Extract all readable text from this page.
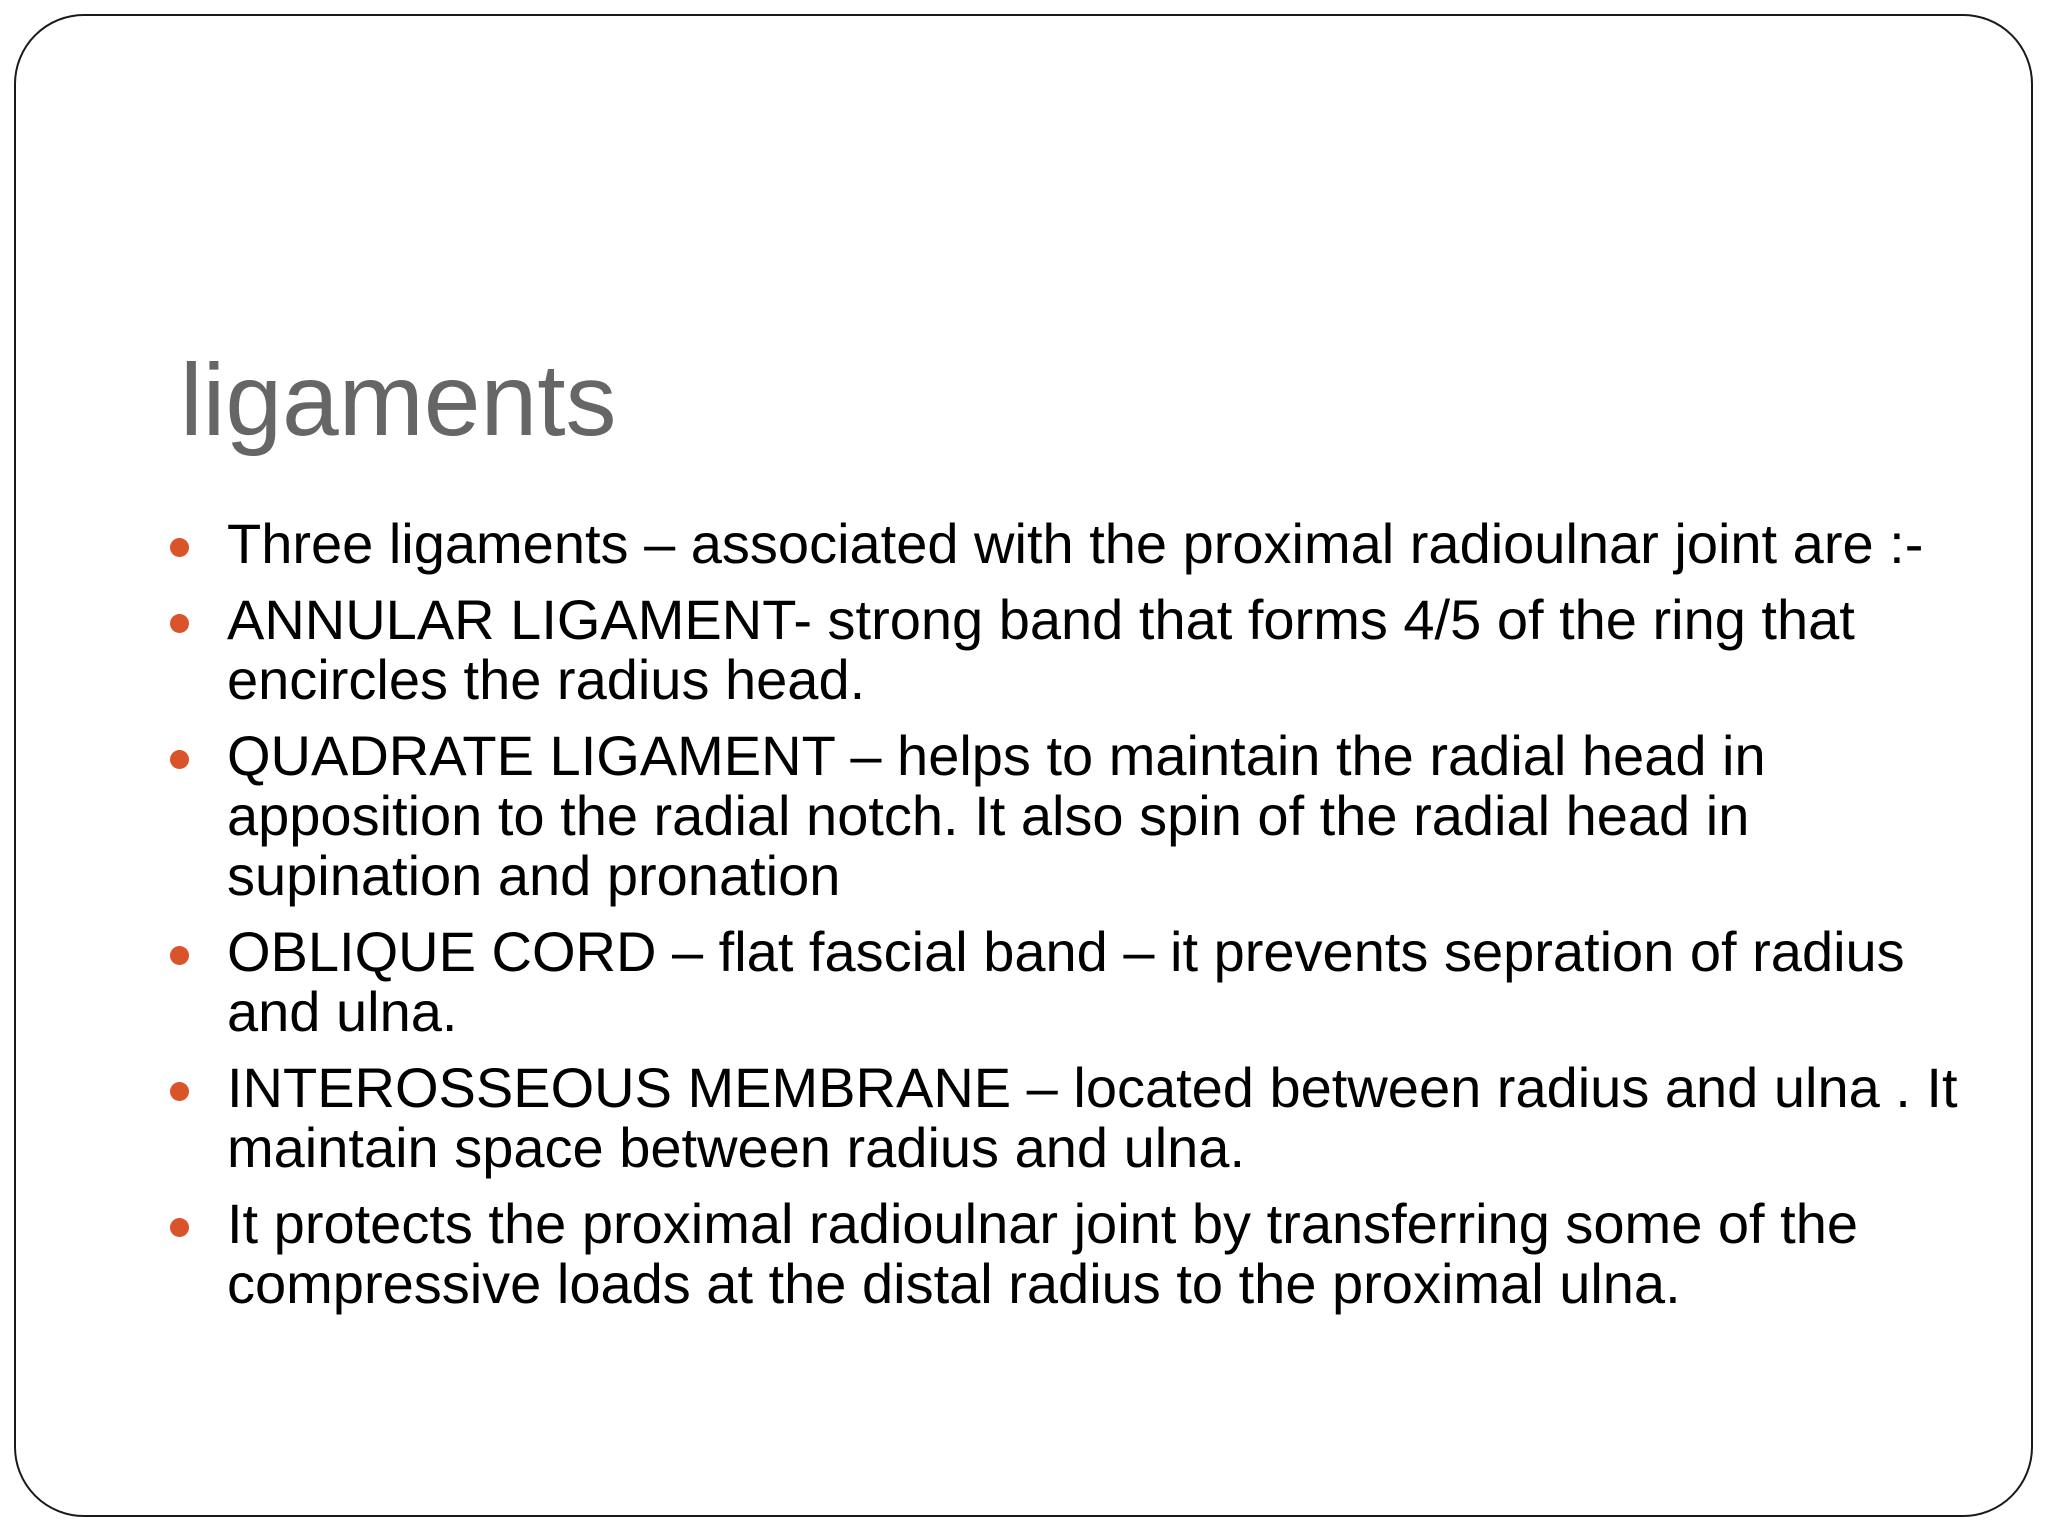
ligaments
Three ligaments – associated with the proximal radioulnar joint are :-
ANNULAR LIGAMENT- strong band that forms 4/5 of the ring that encircles the radius head.
QUADRATE LIGAMENT – helps to maintain the radial head in apposition to the radial notch. It also spin of the radial head in supination and pronation
OBLIQUE CORD – flat fascial band – it prevents sepration of radius and ulna.
INTEROSSEOUS MEMBRANE – located between radius and ulna . It maintain space between radius and ulna.
It protects the proximal radioulnar joint by transferring some of the compressive loads at the distal radius to the proximal ulna.
